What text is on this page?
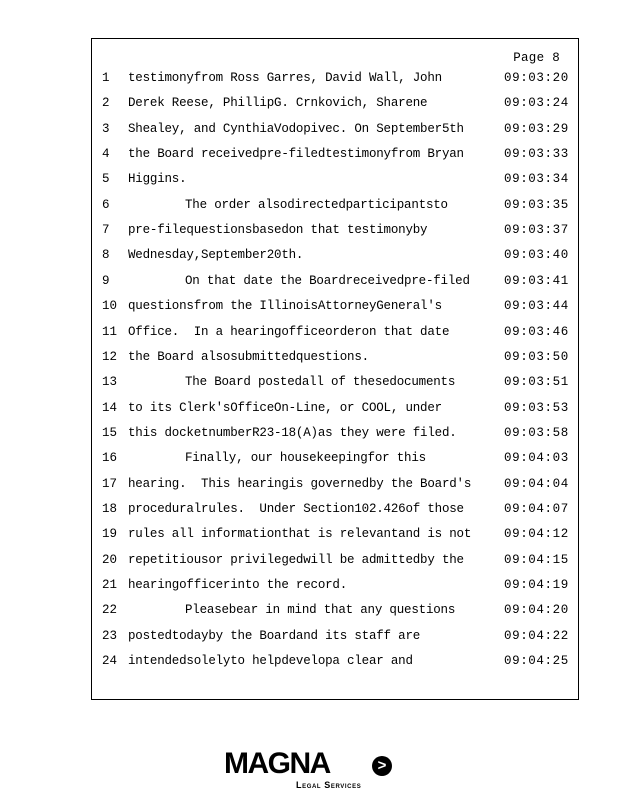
Page 8
1 testimonyfrom Ross Garres, David Wall, John	09:03:20
2 Derek Reese, PhillipG. Crnkovich, Sharene	09:03:24
3 Shealey, and CynthiaVodopivec. On September5th	09:03:29
4 the Board receivedpre-filedtestimonyfrom Bryan	09:03:33
5 Higgins.	09:03:34
6	The order alsodirectedparticipantsto	09:03:35
7 pre-filequestionsbasedon that testimonyby	09:03:37
8 Wednesday,September20th.	09:03:40
9	On that date the Boardreceivedpre-filed	09:03:41
10 questionsfrom the IllinoisAttorneyGeneral's	09:03:44
11 Office.  In a hearingofficeorderon that date	09:03:46
12 the Board alsosubmittedquestions.	09:03:50
13	The Board postedall of thesedocuments	09:03:51
14 to its Clerk'sOfficeOn-Line, or COOL, under	09:03:53
15 this docketnumberR23-18(A)as they were filed.	09:03:58
16	Finally, our housekeepingfor this	09:04:03
17 hearing.  This hearingis governedby the Board's	09:04:04
18 proceduralrules.  Under Section102.426of those	09:04:07
19 rules all informationthat is relevantand is not	09:04:12
20 repetitiousor privilegedwill be admittedby the	09:04:15
21 hearingofficerinto the record.	09:04:19
22	Pleasebear in mind that any questions	09:04:20
23 postedtodayby the Boardand its staff are	09:04:22
24 intendedsolelyto helpdevelopa clear and	09:04:25
MAGNA	>
Legal Services
